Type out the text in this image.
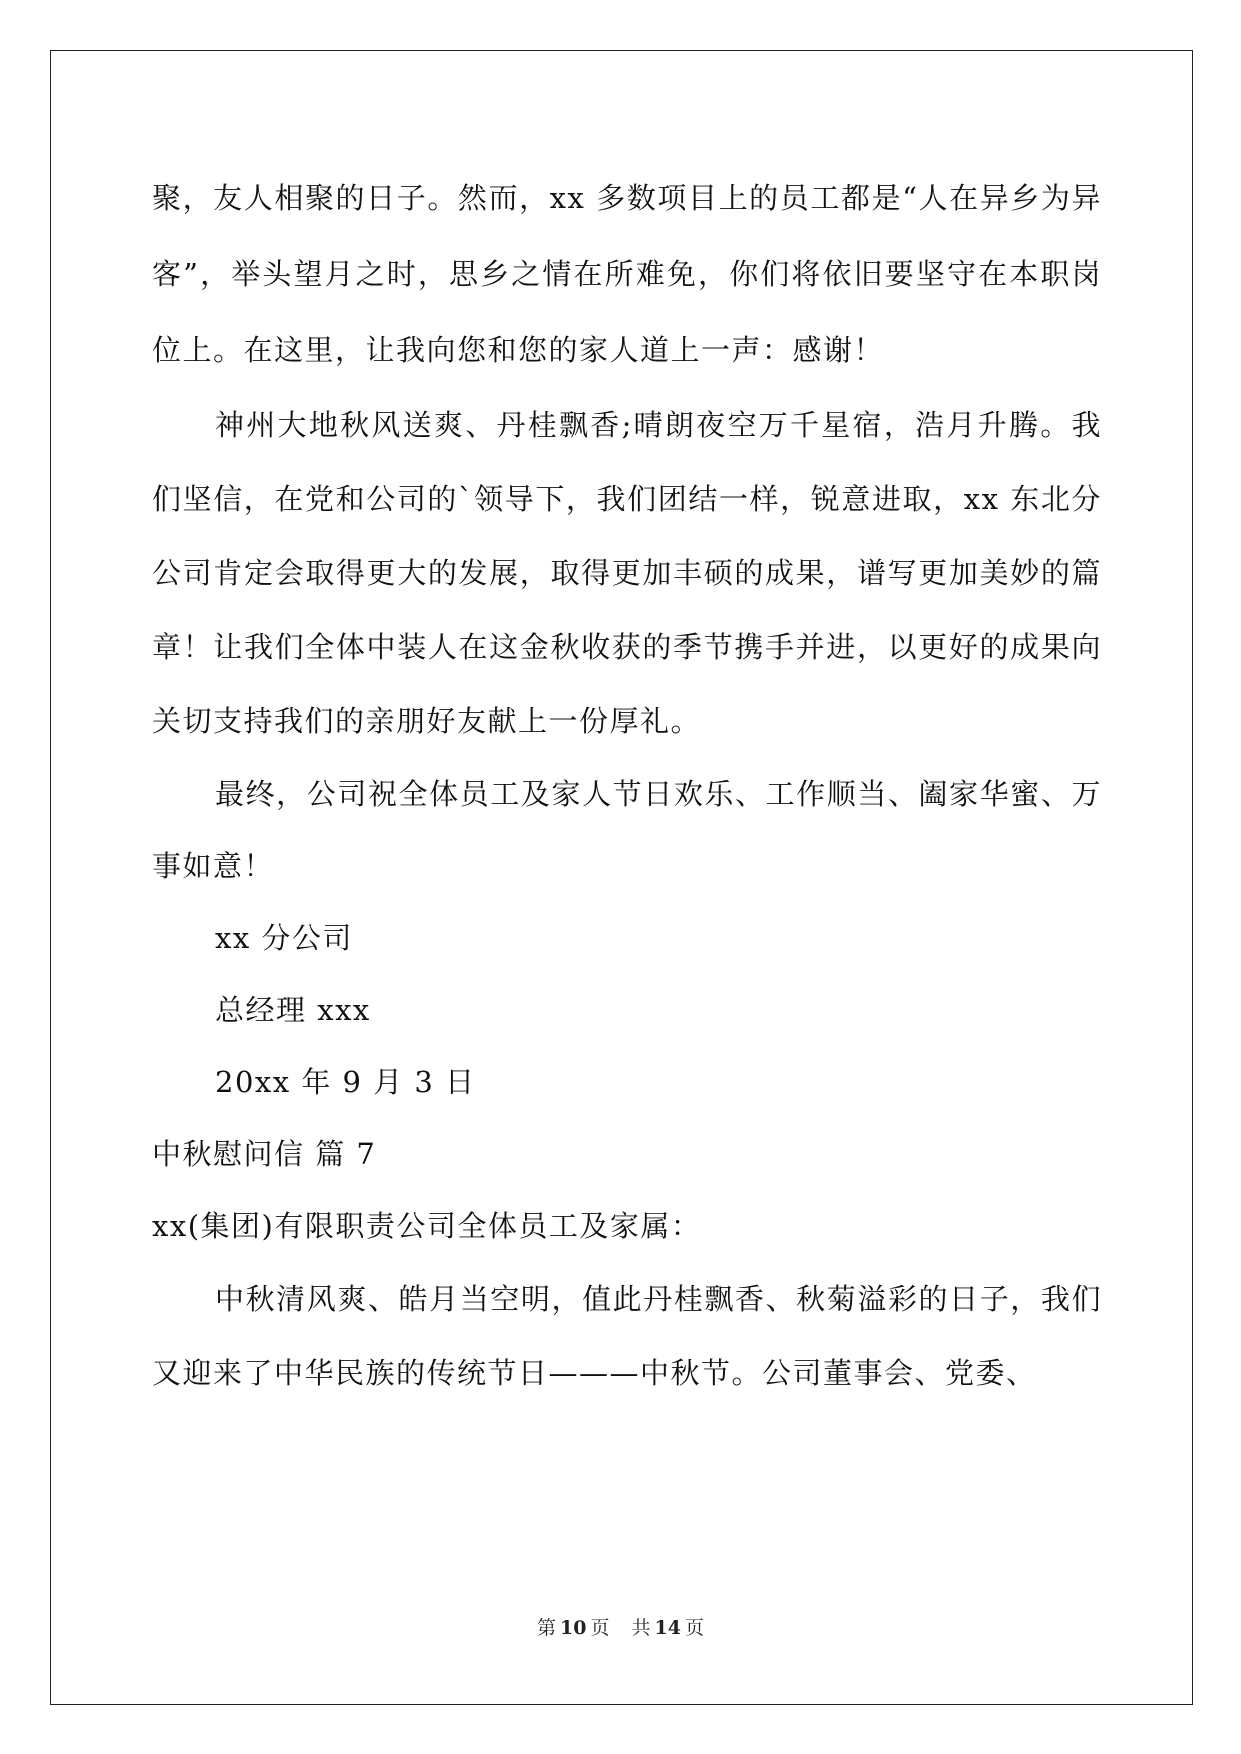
聚，友人相聚的日子。然而，xx 多数项目上的员工都是“人在异乡为异客”，举头望月之时，思乡之情在所难免，你们将依旧要坚守在本职岗位上。在这里，让我向您和您的家人道上一声：感谢！

神州大地秋风送爽、丹桂飘香;晴朗夜空万千星宿，浩月升腾。我们坚信，在党和公司的`领导下，我们团结一样，锐意进取，xx 东北分公司肯定会取得更大的发展，取得更加丰硕的成果，谱写更加美妙的篇章！让我们全体中装人在这金秋收获的季节携手并进，以更好的成果向关切支持我们的亲朋好友献上一份厚礼。

最终，公司祝全体员工及家人节日欢乐、工作顺当、阖家华蜜、万事如意！

xx 分公司

总经理 xxx

20xx 年 9 月 3 日

中秋慰问信 篇 7

xx(集团)有限职责公司全体员工及家属：

中秋清风爽、皓月当空明，值此丹桂飘香、秋菊溢彩的日子，我们又迎来了中华民族的传统节日———中秋节。公司董事会、党委、

第 10 页 共 14 页
